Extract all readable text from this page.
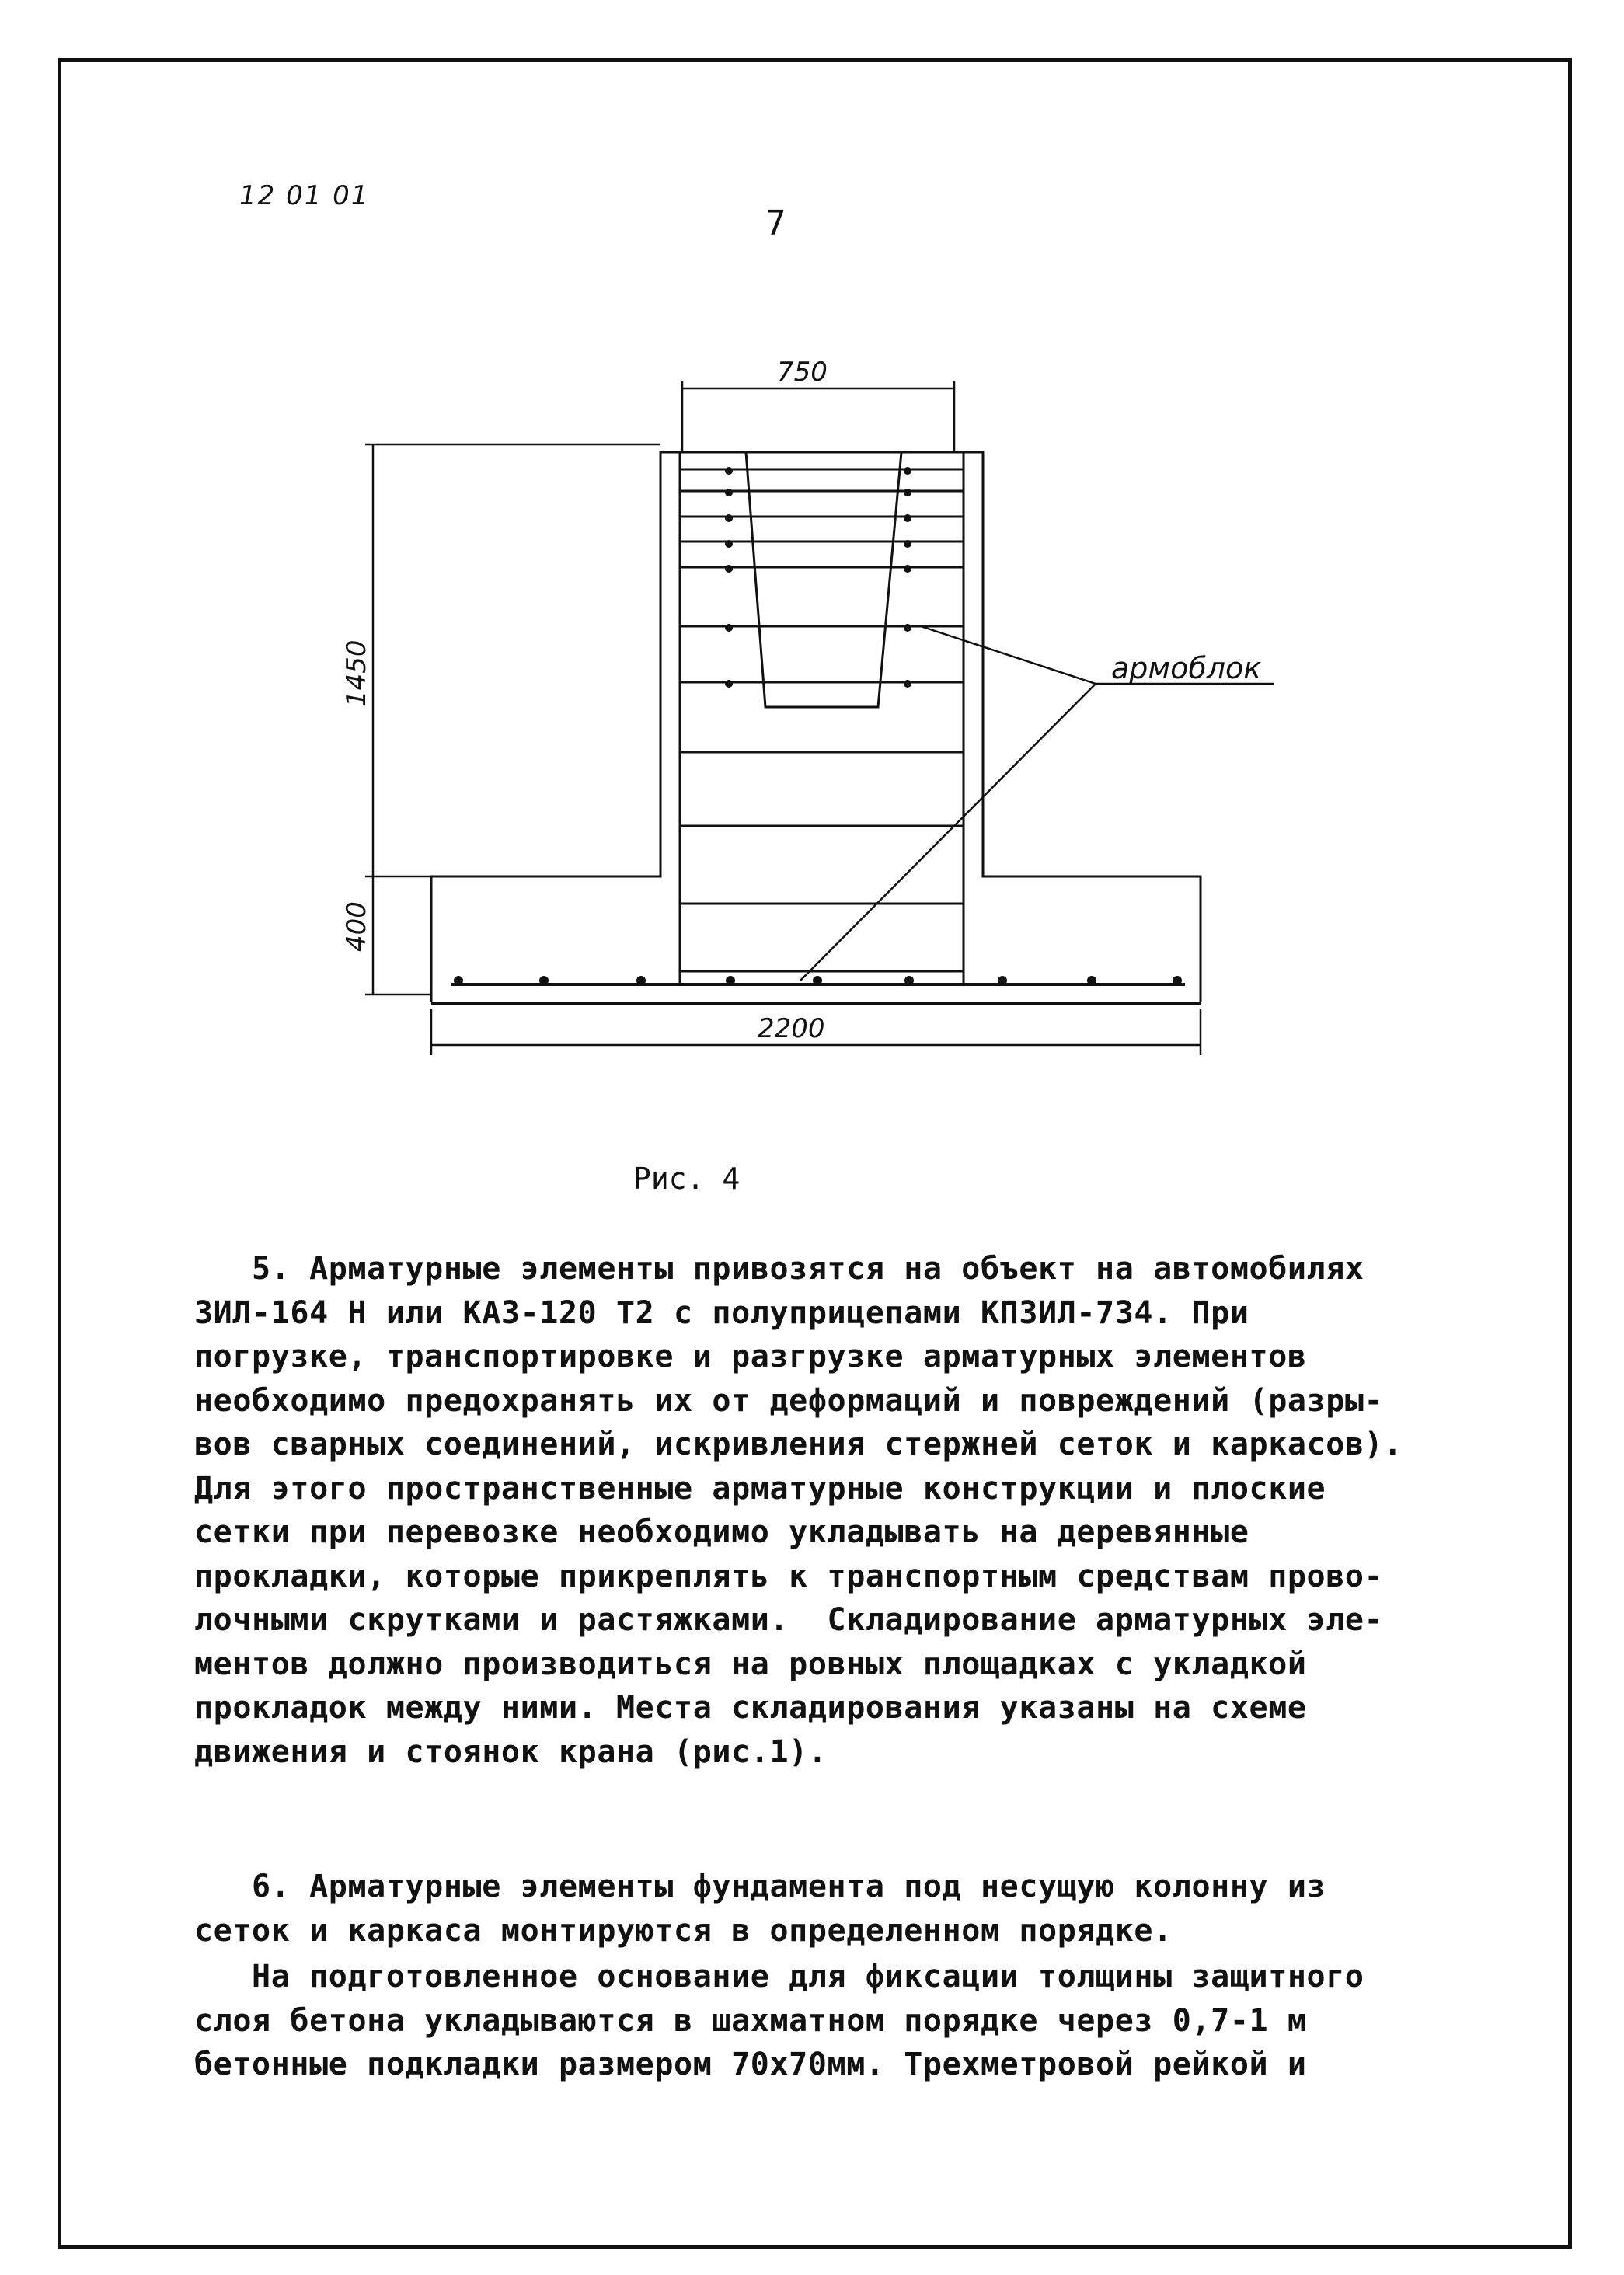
12 01 01
7
750
2200
1450
400
армоблок
Рис. 4

5. Арматурные элементы привозятся на объект на автомобилях

ЗИЛ-164 Н или КАЗ-120 Т2 с полуприцепами КПЗИЛ-734. При

погрузке, транспортировке и разгрузке арматурных элементов

необходимо предохранять их от деформаций и повреждений (разры-

вов сварных соединений, искривления стержней сеток и каркасов).

Для этого пространственные арматурные конструкции и плоские

сетки при перевозке необходимо укладывать на деревянные

прокладки, которые прикреплять к транспортным средствам прово-

лочными скрутками и растяжками.  Складирование арматурных эле-

ментов должно производиться на ровных площадках с укладкой

прокладок между ними. Места складирования указаны на схеме

движения и стоянок крана (рис.1).

6. Арматурные элементы фундамента под несущую колонну из

сеток и каркаса монтируются в определенном порядке.

На подготовленное основание для фиксации толщины защитного

слоя бетона укладываются в шахматном порядке через 0,7-1 м

бетонные подкладки размером 70х70мм. Трехметровой рейкой и
